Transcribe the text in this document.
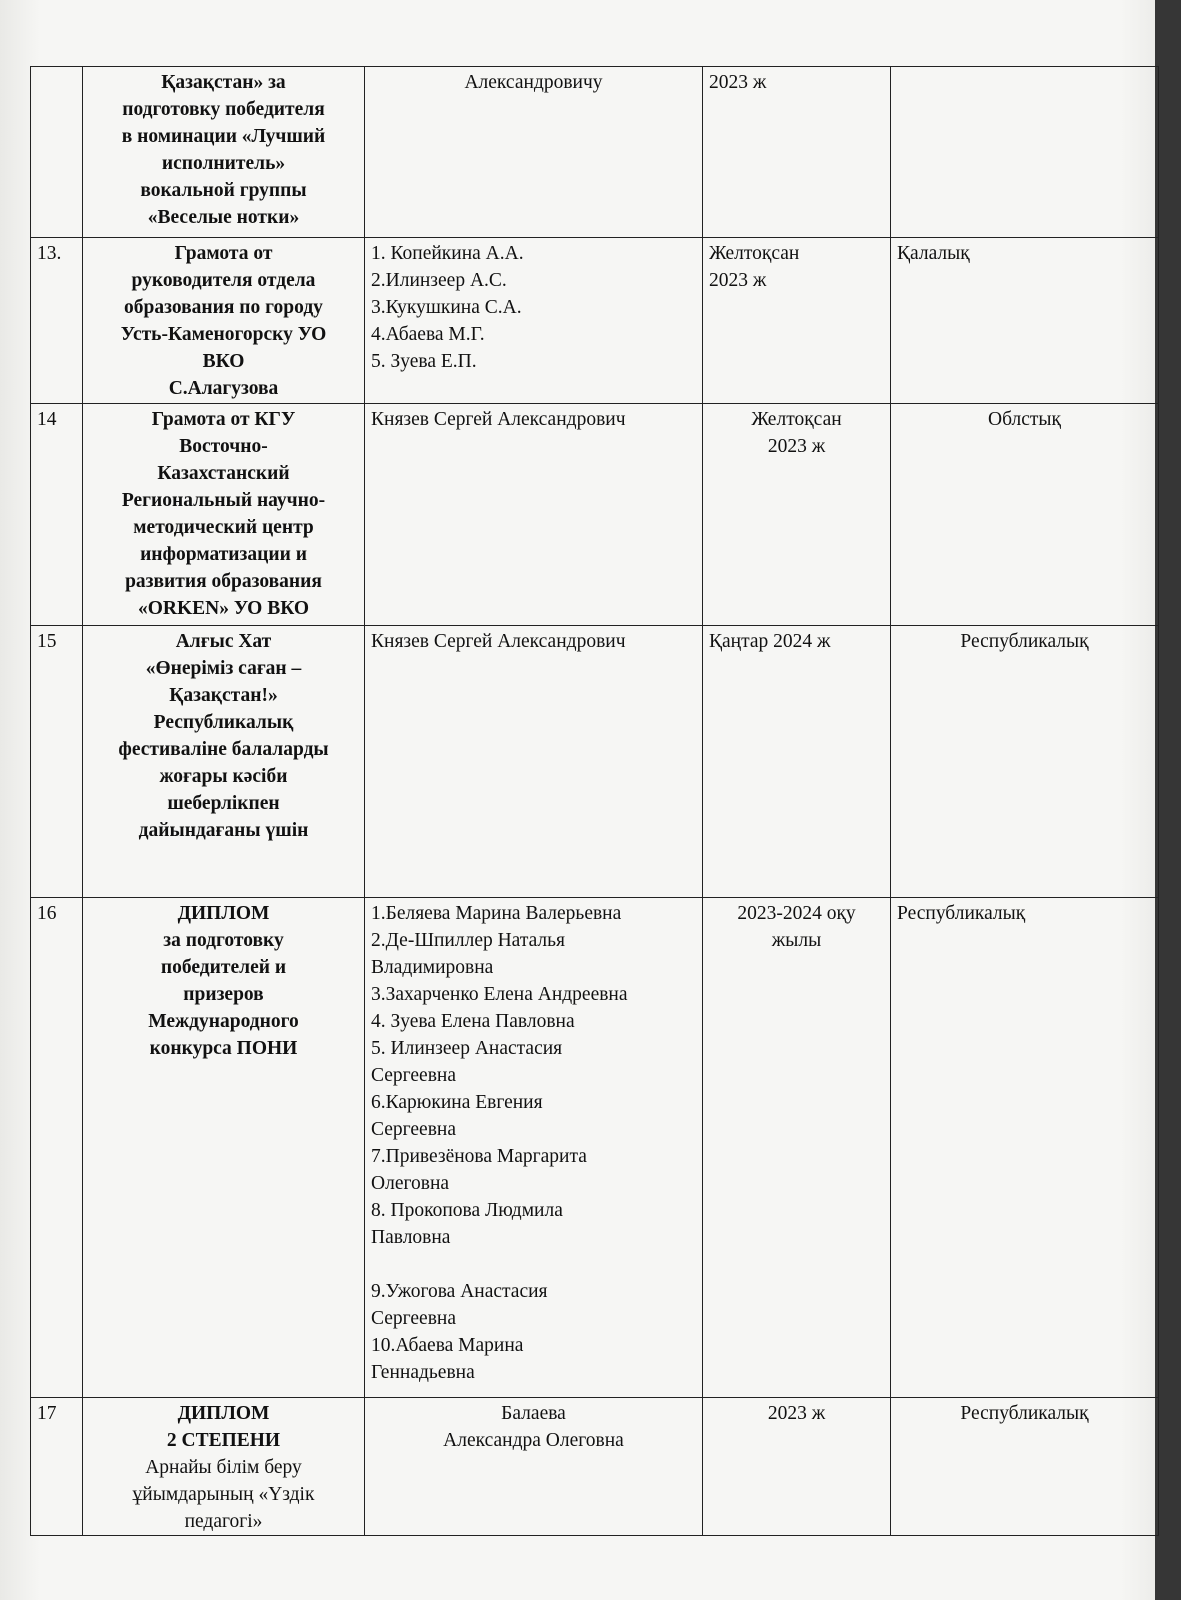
Қазақстан» за
подготовку победителя
в номинации «Лучший
исполнитель»
вокальной группы
«Веселые нотки»

Александровичу	2023 ж

13.	Грамота от
руководителя отдела
образования по городу
Усть-Каменогорску УО
ВКО
С.Алагузова

1. Копейкина А.А.
2.Илинзеер А.С.
3.Кукушкина С.А.
4.Абаева М.Г.
5. Зуева Е.П.

Желтоқсан
2023 ж
	Қалалық
14	Грамота от КГУ
Восточно-
Казахстанский
Региональный научно-
методический центр
информатизации и
развития образования
«ORKEN» УО ВКО

Князев Сергей Александрович	Желтоқсан
2023 ж
	Облстық
15	Алғыс Хат
«Өнеріміз саған –
Қазақстан!»
Республикалық
фестиваліне балаларды
жоғары кәсіби
шеберлікпен
дайындағаны үшін

Князев Сергей Александрович	Қаңтар 2024 ж	Республикалық
16	ДИПЛОМ
за подготовку
победителей и
призеров
Международного
конкурса ПОНИ

1.Беляева Марина Валерьевна
2.Де-Шпиллер Наталья
Владимировна
3.Захарченко Елена Андреевна
4. Зуева Елена Павловна
5. Илинзеер Анастасия
Сергеевна
6.Карюкина Евгения
Сергеевна
7.Привезёнова Маргарита
Олеговна
8. Прокопова Людмила
Павловна
9.Ужогова Анастасия
Сергеевна
10.Абаева Марина
Геннадьевна

2023-2024 оқу
жылы
	Республикалық
17	ДИПЛОМ
2 СТЕПЕНИ
Арнайы білім беру
ұйымдарының «Үздік
педагогі»

Балаева
Александра Олеговна

2023 ж	Республикалық
